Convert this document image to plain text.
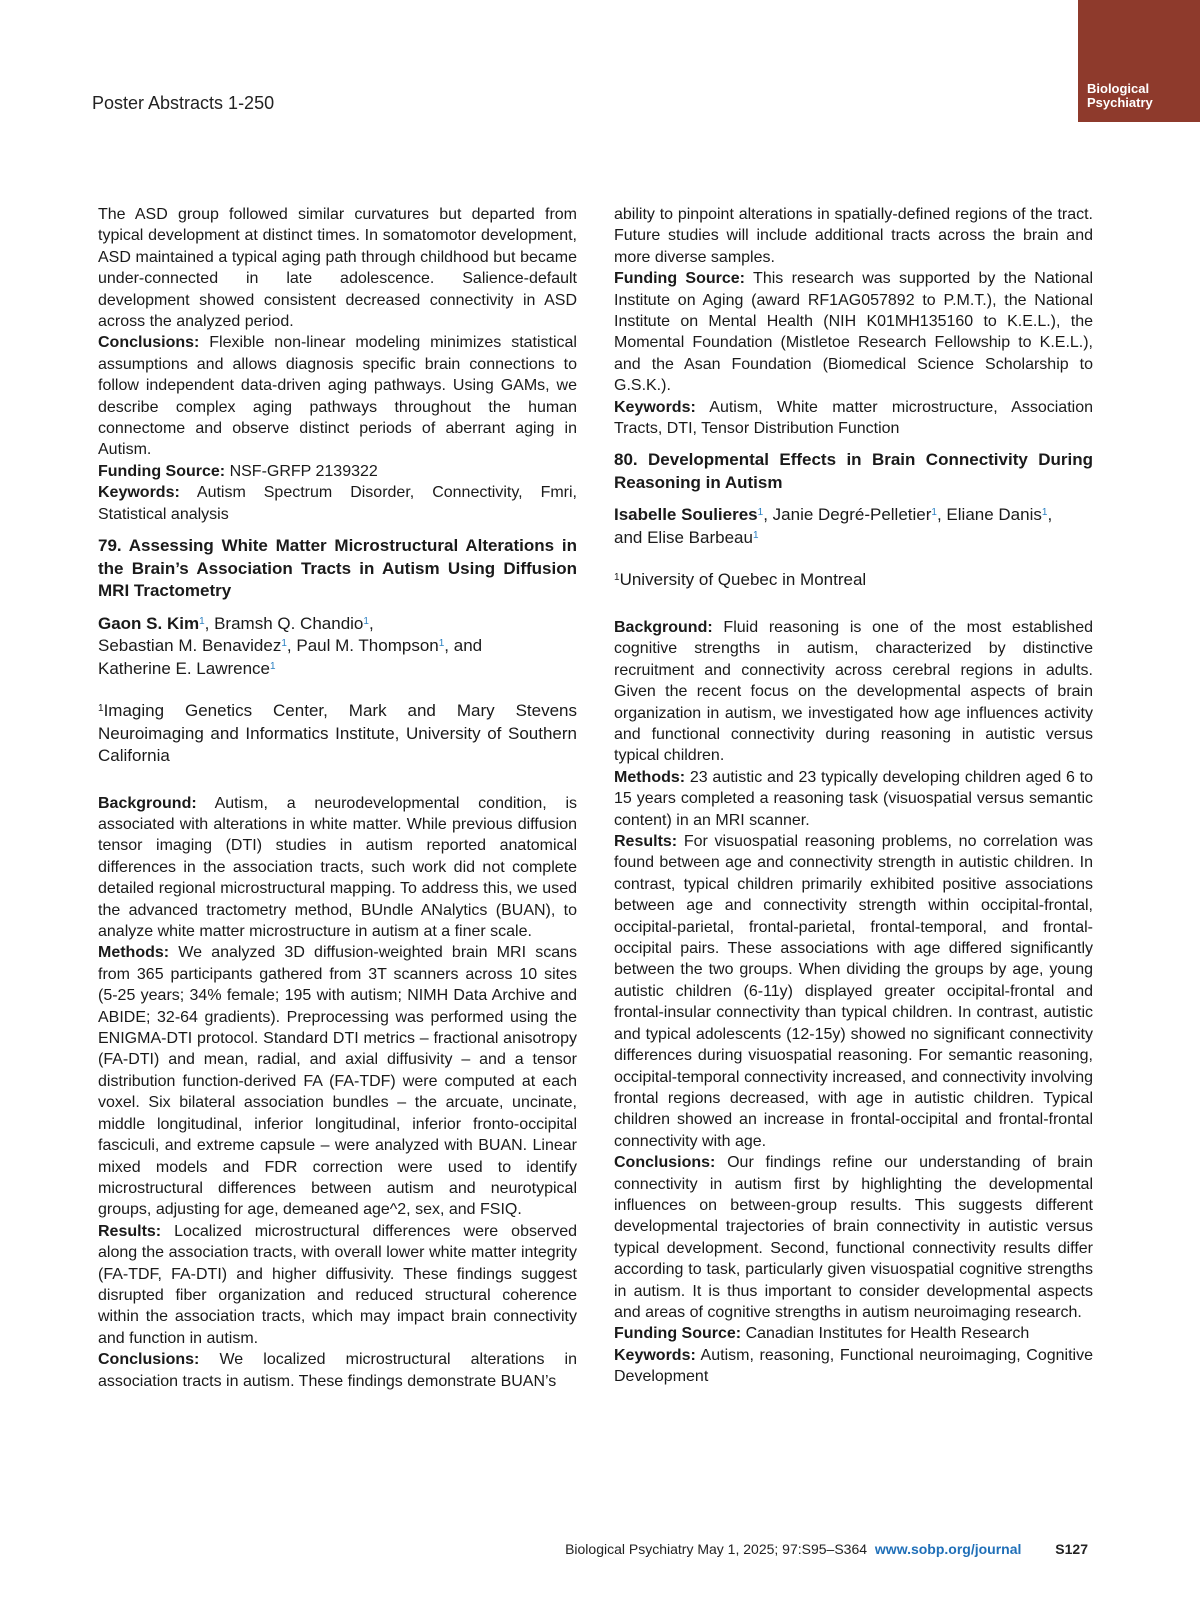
Poster Abstracts 1-250
Biological
Psychiatry

The ASD group followed similar curvatures but departed from typical development at distinct times. In somatomotor development, ASD maintained a typical aging path through childhood but became under-connected in late adolescence. Salience-default development showed consistent decreased connectivity in ASD across the analyzed period.

Conclusions: Flexible non-linear modeling minimizes statistical assumptions and allows diagnosis specific brain connections to follow independent data-driven aging pathways. Using GAMs, we describe complex aging pathways throughout the human connectome and observe distinct periods of aberrant aging in Autism.

Funding Source: NSF-GRFP 2139322

Keywords: Autism Spectrum Disorder, Connectivity, Fmri, Statistical analysis

79. Assessing White Matter Microstructural Alterations in the Brain’s Association Tracts in Autism Using Diffusion MRI Tractometry

Gaon S. Kim$^1$, Bramsh Q. Chandio$^1$,
Sebastian M. Benavidez$^1$, Paul M. Thompson$^1$, and
Katherine E. Lawrence$^1$

$^1$Imaging Genetics Center, Mark and Mary Stevens Neuroimaging and Informatics Institute, University of Southern California

Background: Autism, a neurodevelopmental condition, is associated with alterations in white matter. While previous diffusion tensor imaging (DTI) studies in autism reported anatomical differences in the association tracts, such work did not complete detailed regional microstructural mapping. To address this, we used the advanced tractometry method, BUndle ANalytics (BUAN), to analyze white matter microstructure in autism at a finer scale.

Methods: We analyzed 3D diffusion-weighted brain MRI scans from 365 participants gathered from 3T scanners across 10 sites (5-25 years; 34% female; 195 with autism; NIMH Data Archive and ABIDE; 32-64 gradients). Preprocessing was performed using the ENIGMA-DTI protocol. Standard DTI metrics – fractional anisotropy (FA-DTI) and mean, radial, and axial diffusivity – and a tensor distribution function-derived FA (FA-TDF) were computed at each voxel. Six bilateral association bundles – the arcuate, uncinate, middle longitudinal, inferior longitudinal, inferior fronto-occipital fasciculi, and extreme capsule – were analyzed with BUAN. Linear mixed models and FDR correction were used to identify microstructural differences between autism and neurotypical groups, adjusting for age, demeaned age^2, sex, and FSIQ.

Results: Localized microstructural differences were observed along the association tracts, with overall lower white matter integrity (FA-TDF, FA-DTI) and higher diffusivity. These findings suggest disrupted fiber organization and reduced structural coherence within the association tracts, which may impact brain connectivity and function in autism.

Conclusions: We localized microstructural alterations in association tracts in autism. These findings demonstrate BUAN’s

ability to pinpoint alterations in spatially-defined regions of the tract. Future studies will include additional tracts across the brain and more diverse samples.

Funding Source: This research was supported by the National Institute on Aging (award RF1AG057892 to P.M.T.), the National Institute on Mental Health (NIH K01MH135160 to K.E.L.), the Momental Foundation (Mistletoe Research Fellowship to K.E.L.), and the Asan Foundation (Biomedical Science Scholarship to G.S.K.).

Keywords: Autism, White matter microstructure, Association Tracts, DTI, Tensor Distribution Function

80. Developmental Effects in Brain Connectivity During Reasoning in Autism

Isabelle Soulieres$^1$, Janie Degré-Pelletier$^1$, Eliane Danis$^1$,
and Elise Barbeau$^1$

$^1$University of Quebec in Montreal

Background: Fluid reasoning is one of the most established cognitive strengths in autism, characterized by distinctive recruitment and connectivity across cerebral regions in adults. Given the recent focus on the developmental aspects of brain organization in autism, we investigated how age influences activity and functional connectivity during reasoning in autistic versus typical children.

Methods: 23 autistic and 23 typically developing children aged 6 to 15 years completed a reasoning task (visuospatial versus semantic content) in an MRI scanner.

Results: For visuospatial reasoning problems, no correlation was found between age and connectivity strength in autistic children. In contrast, typical children primarily exhibited positive associations between age and connectivity strength within occipital-frontal, occipital-parietal, frontal-parietal, frontal-temporal, and frontal-occipital pairs. These associations with age differed significantly between the two groups. When dividing the groups by age, young autistic children (6-11y) displayed greater occipital-frontal and frontal-insular connectivity than typical children. In contrast, autistic and typical adolescents (12-15y) showed no significant connectivity differences during visuospatial reasoning. For semantic reasoning, occipital-temporal connectivity increased, and connectivity involving frontal regions decreased, with age in autistic children. Typical children showed an increase in frontal-occipital and frontal-frontal connectivity with age.

Conclusions: Our findings refine our understanding of brain connectivity in autism first by highlighting the developmental influences on between-group results. This suggests different developmental trajectories of brain connectivity in autistic versus typical development. Second, functional connectivity results differ according to task, particularly given visuospatial cognitive strengths in autism. It is thus important to consider developmental aspects and areas of cognitive strengths in autism neuroimaging research.

Funding Source: Canadian Institutes for Health Research

Keywords: Autism, reasoning, Functional neuroimaging, Cognitive Development

Biological Psychiatry May 1, 2025; 97:S95–S364 www.sobp.org/journal S127
